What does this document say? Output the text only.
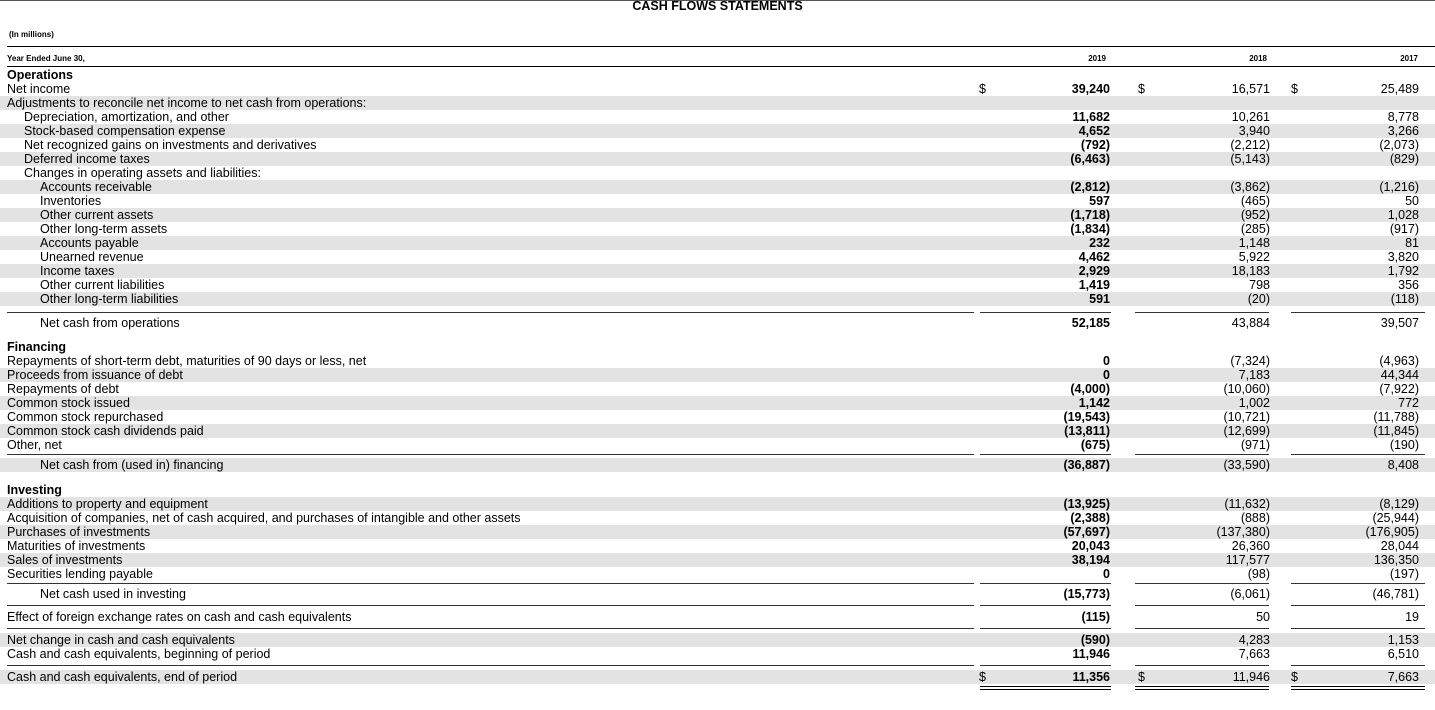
CASH FLOWS STATEMENTS
(In millions)
Year Ended June 30,	2019	2018	2017
Operations
Net income	39,240	16,571	25,489
$	$	$
Adjustments to reconcile net income to net cash from operations:
Depreciation, amortization, and other	11,682	10,261	8,778
Stock-based compensation expense	4,652	3,940	3,266
Net recognized gains on investments and derivatives	(792)	(2,212)	(2,073)
Deferred income taxes	(6,463)	(5,143)	(829)
Changes in operating assets and liabilities:
Accounts receivable	(2,812)	(3,862)	(1,216)
Inventories	597	(465)	50
Other current assets	(1,718)	(952)	1,028
Other long-term assets	(1,834)	(285)	(917)
Accounts payable	232	1,148	81
Unearned revenue	4,462	5,922	3,820
Income taxes	2,929	18,183	1,792
Other current liabilities	1,419	798	356
Other long-term liabilities	591	(20)	(118)
Net cash from operations	52,185	43,884	39,507
Financing
Repayments of short-term debt, maturities of 90 days or less, net	0	(7,324)	(4,963)
Proceeds from issuance of debt	0	7,183	44,344
Repayments of debt	(4,000)	(10,060)	(7,922)
Common stock issued	1,142	1,002	772
Common stock repurchased	(19,543)	(10,721)	(11,788)
Common stock cash dividends paid	(13,811)	(12,699)	(11,845)
Other, net	(675)	(971)	(190)
Net cash from (used in) financing	(36,887)	(33,590)	8,408
Investing
Additions to property and equipment	(13,925)	(11,632)	(8,129)
Acquisition of companies, net of cash acquired, and purchases of intangible and other assets	(2,388)	(888)	(25,944)
Purchases of investments	(57,697)	(137,380)	(176,905)
Maturities of investments	20,043	26,360	28,044
Sales of investments	38,194	117,577	136,350
Securities lending payable	0	(98)	(197)
Net cash used in investing	(15,773)	(6,061)	(46,781)
Effect of foreign exchange rates on cash and cash equivalents	(115)	50	19
Net change in cash and cash equivalents	(590)	4,283	1,153
Cash and cash equivalents, beginning of period	11,946	7,663	6,510
Cash and cash equivalents, end of period	11,356	11,946	7,663
$	$	$
